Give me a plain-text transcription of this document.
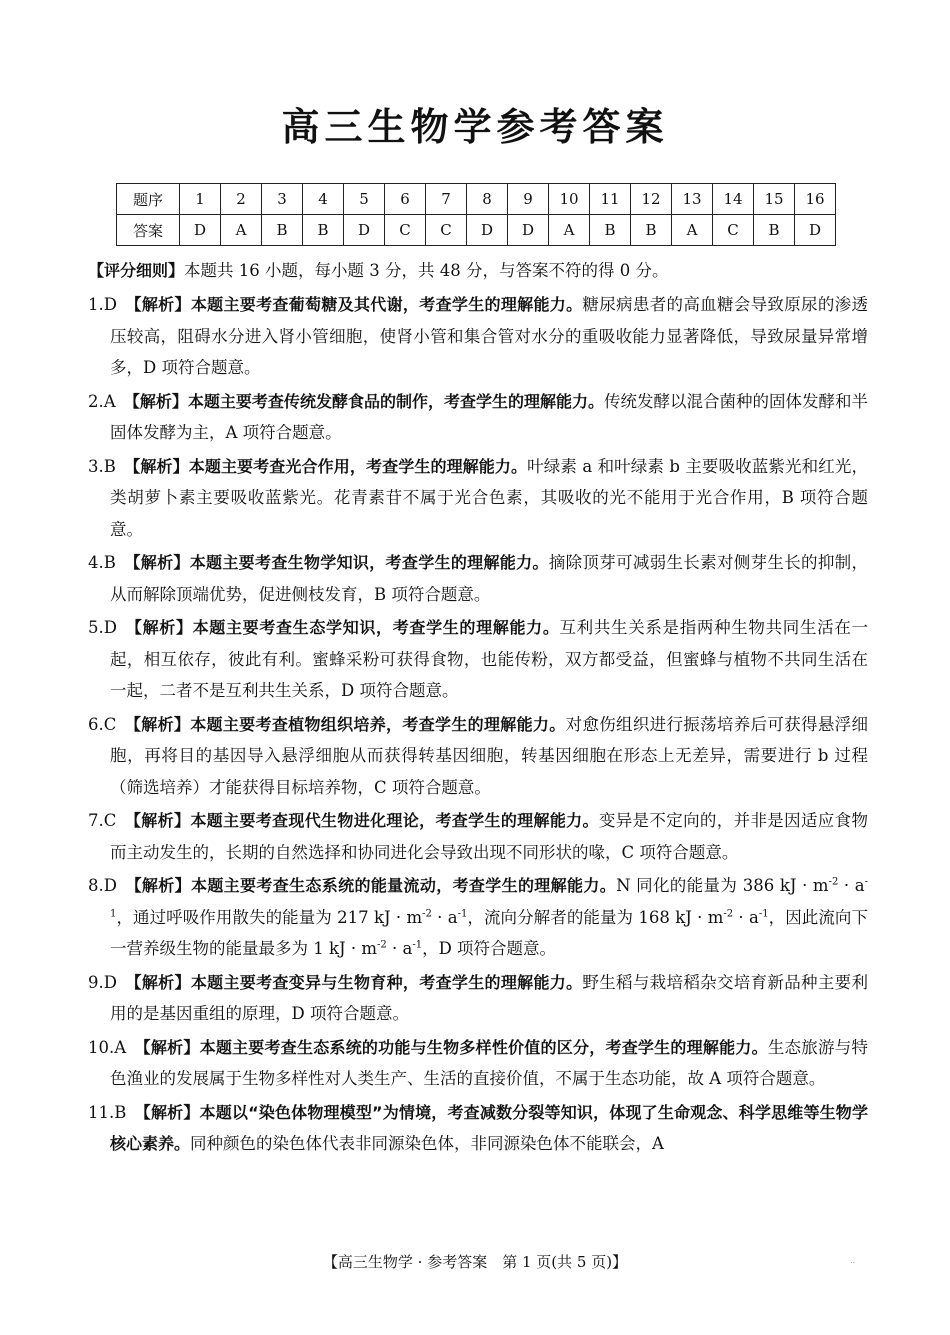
高三生物学参考答案
题序	1	2	3	4	5	6	7	8	9	10	11	12	13	14	15	16
答案	D	A	B	B	D	C	C	D	D	A	B	B	A	C	B	D
【评分细则】本题共 16 小题，每小题 3 分，共 48 分，与答案不符的得 0 分。
1.D  【解析】本题主要考查葡萄糖及其代谢，考查学生的理解能力。糖尿病患者的高血糖会导致原尿的渗透压较高，阻碍水分进入肾小管细胞，使肾小管和集合管对水分的重吸收能力显著降低，导致尿量异常增多，D 项符合题意。
2.A  【解析】本题主要考查传统发酵食品的制作，考查学生的理解能力。传统发酵以混合菌种的固体发酵和半固体发酵为主，A 项符合题意。
3.B  【解析】本题主要考查光合作用，考查学生的理解能力。叶绿素 a 和叶绿素 b 主要吸收蓝紫光和红光，类胡萝卜素主要吸收蓝紫光。花青素苷不属于光合色素，其吸收的光不能用于光合作用，B 项符合题意。
4.B  【解析】本题主要考查生物学知识，考查学生的理解能力。摘除顶芽可减弱生长素对侧芽生长的抑制，从而解除顶端优势，促进侧枝发育，B 项符合题意。
5.D  【解析】本题主要考查生态学知识，考查学生的理解能力。互利共生关系是指两种生物共同生活在一起，相互依存，彼此有利。蜜蜂采粉可获得食物，也能传粉，双方都受益，但蜜蜂与植物不共同生活在一起，二者不是互利共生关系，D 项符合题意。
6.C  【解析】本题主要考查植物组织培养，考查学生的理解能力。对愈伤组织进行振荡培养后可获得悬浮细胞，再将目的基因导入悬浮细胞从而获得转基因细胞，转基因细胞在形态上无差异，需要进行 b 过程（筛选培养）才能获得目标培养物，C 项符合题意。
7.C  【解析】本题主要考查现代生物进化理论，考查学生的理解能力。变异是不定向的，并非是因适应食物而主动发生的，长期的自然选择和协同进化会导致出现不同形状的喙，C 项符合题意。
8.D  【解析】本题主要考查生态系统的能量流动，考查学生的理解能力。N 同化的能量为 386 kJ · $m^{-2} \cdot a^{-1}$，通过呼吸作用散失的能量为 217 kJ · $m^{-2} \cdot a^{-1}$，流向分解者的能量为 168 kJ · $m^{-2} \cdot a^{-1}$，因此流向下一营养级生物的能量最多为 1 kJ · $m^{-2} \cdot a^{-1}$，D 项符合题意。
9.D  【解析】本题主要考查变异与生物育种，考查学生的理解能力。野生稻与栽培稻杂交培育新品种主要利用的是基因重组的原理，D 项符合题意。
10.A  【解析】本题主要考查生态系统的功能与生物多样性价值的区分，考查学生的理解能力。生态旅游与特色渔业的发展属于生物多样性对人类生产、生活的直接价值，不属于生态功能，故 A 项符合题意。
11.B  【解析】本题以“染色体物理模型”为情境，考查减数分裂等知识，体现了生命观念、科学思维等生物学核心素养。同种颜色的染色体代表非同源染色体，非同源染色体不能联会，A
【高三生物学 · 参考答案　第 1 页(共 5 页)】	..
